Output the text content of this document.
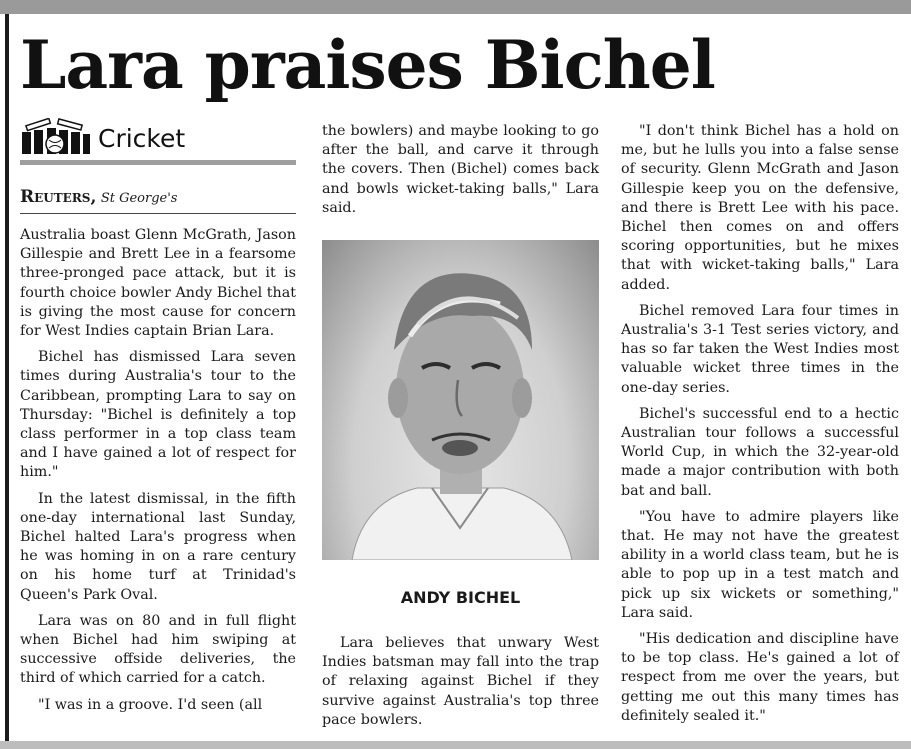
Lara praises Bichel
Cricket
Reuters, St George's

Australia boast Glenn McGrath, Jason Gillespie and Brett Lee in a fearsome three-pronged pace attack, but it is fourth choice bowler Andy Bichel that is giving the most cause for concern for West Indies captain Brian Lara.

Bichel has dismissed Lara seven times during Australia's tour to the Caribbean, prompting Lara to say on Thursday: "Bichel is definitely a top class performer in a top class team and I have gained a lot of respect for him."

In the latest dismissal, in the fifth one-day international last Sunday, Bichel halted Lara's progress when he was homing in on a rare century on his home turf at Trinidad's Queen's Park Oval.

Lara was on 80 and in full flight when Bichel had him swiping at successive offside deliveries, the third of which carried for a catch.

"I was in a groove. I'd seen (all

the bowlers) and maybe looking to go after the ball, and carve it through the covers. Then (Bichel) comes back and bowls wicket-taking balls," Lara said.

ANDY BICHEL

Lara believes that unwary West Indies batsman may fall into the trap of relaxing against Bichel if they survive against Australia's top three pace bowlers.

"I don't think Bichel has a hold on me, but he lulls you into a false sense of security. Glenn McGrath and Jason Gillespie keep you on the defensive, and there is Brett Lee with his pace. Bichel then comes on and offers scoring opportunities, but he mixes that with wicket-taking balls," Lara added.

Bichel removed Lara four times in Australia's 3-1 Test series victory, and has so far taken the West Indies most valuable wicket three times in the one-day series.

Bichel's successful end to a hectic Australian tour follows a successful World Cup, in which the 32-year-old made a major contribution with both bat and ball.

"You have to admire players like that. He may not have the greatest ability in a world class team, but he is able to pop up in a test match and pick up six wickets or something," Lara said.

"His dedication and discipline have to be top class. He's gained a lot of respect from me over the years, but getting me out this many times has definitely sealed it."
